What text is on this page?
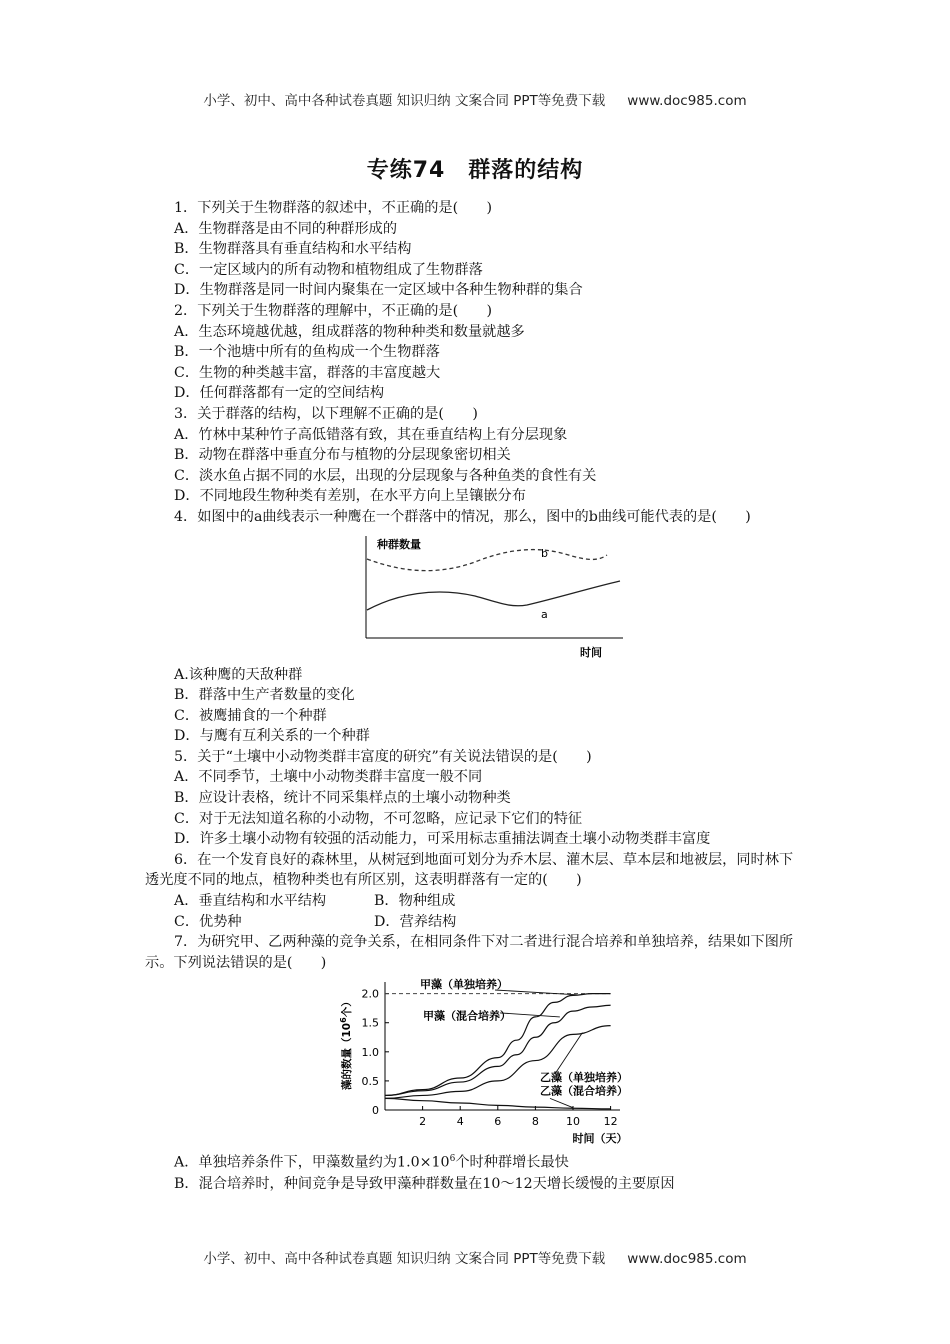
小学、初中、高中各种试卷真题 知识归纳 文案合同 PPT等免费下载 www.doc985.com
专练74　群落的结构

1．下列关于生物群落的叙述中，不正确的是(　　)

A．生物群落是由不同的种群形成的

B．生物群落具有垂直结构和水平结构

C．一定区域内的所有动物和植物组成了生物群落

D．生物群落是同一时间内聚集在一定区域中各种生物种群的集合

2．下列关于生物群落的理解中，不正确的是(　　)

A．生态环境越优越，组成群落的物种种类和数量就越多

B．一个池塘中所有的鱼构成一个生物群落

C．生物的种类越丰富，群落的丰富度越大

D．任何群落都有一定的空间结构

3．关于群落的结构，以下理解不正确的是(　　)

A．竹林中某种竹子高低错落有致，其在垂直结构上有分层现象

B．动物在群落中垂直分布与植物的分层现象密切相关

C．淡水鱼占据不同的水层，出现的分层现象与各种鱼类的食性有关

D．不同地段生物种类有差别，在水平方向上呈镶嵌分布

4．如图中的a曲线表示一种鹰在一个群落中的情况，那么，图中的b曲线可能代表的是(　　)

种群数量
时间
b
a

A.该种鹰的天敌种群

B．群落中生产者数量的变化

C．被鹰捕食的一个种群

D．与鹰有互利关系的一个种群

5．关于“土壤中小动物类群丰富度的研究”有关说法错误的是(　　)

A．不同季节，土壤中小动物类群丰富度一般不同

B．应设计表格，统计不同采集样点的土壤小动物种类

C．对于无法知道名称的小动物，不可忽略，应记录下它们的特征

D．许多土壤小动物有较强的活动能力，可采用标志重捕法调查土壤小动物类群丰富度

6．在一个发育良好的森林里，从树冠到地面可划分为乔木层、灌木层、草本层和地被层，同时林下透光度不同的地点，植物种类也有所区别，这表明群落有一定的(　　)

A．垂直结构和水平结构	B．物种组成

C．优势种	D．营养结构

7．为研究甲、乙两种藻的竞争关系，在相同条件下对二者进行混合培养和单独培养，结果如下图所示。下列说法错误的是(　　)

0
0.5
1.0
1.5
2.0
2	4	6	8 10 12
时间（天）
藻的数量（$10^6$个）
甲藻（单独培养）
甲藻（混合培养）
乙藻（单独培养）
乙藻（混合培养）

A．单独培养条件下，甲藻数量约为$1.0\times 10^6$个时种群增长最快

B．混合培养时，种间竞争是导致甲藻种群数量在10～12天增长缓慢的主要原因

小学、初中、高中各种试卷真题 知识归纳 文案合同 PPT等免费下载 www.doc985.com
